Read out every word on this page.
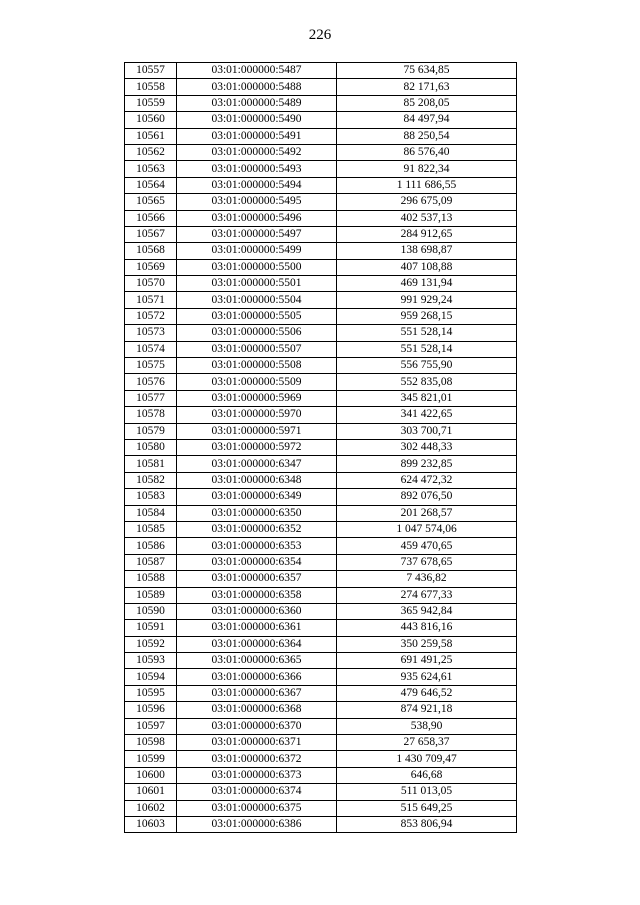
226
10557	03:01:000000:5487	75 634,85
10558	03:01:000000:5488	82 171,63
10559	03:01:000000:5489	85 208,05
10560	03:01:000000:5490	84 497,94
10561	03:01:000000:5491	88 250,54
10562	03:01:000000:5492	86 576,40
10563	03:01:000000:5493	91 822,34
10564	03:01:000000:5494	1 111 686,55
10565	03:01:000000:5495	296 675,09
10566	03:01:000000:5496	402 537,13
10567	03:01:000000:5497	284 912,65
10568	03:01:000000:5499	138 698,87
10569	03:01:000000:5500	407 108,88
10570	03:01:000000:5501	469 131,94
10571	03:01:000000:5504	991 929,24
10572	03:01:000000:5505	959 268,15
10573	03:01:000000:5506	551 528,14
10574	03:01:000000:5507	551 528,14
10575	03:01:000000:5508	556 755,90
10576	03:01:000000:5509	552 835,08
10577	03:01:000000:5969	345 821,01
10578	03:01:000000:5970	341 422,65
10579	03:01:000000:5971	303 700,71
10580	03:01:000000:5972	302 448,33
10581	03:01:000000:6347	899 232,85
10582	03:01:000000:6348	624 472,32
10583	03:01:000000:6349	892 076,50
10584	03:01:000000:6350	201 268,57
10585	03:01:000000:6352	1 047 574,06
10586	03:01:000000:6353	459 470,65
10587	03:01:000000:6354	737 678,65
10588	03:01:000000:6357	7 436,82
10589	03:01:000000:6358	274 677,33
10590	03:01:000000:6360	365 942,84
10591	03:01:000000:6361	443 816,16
10592	03:01:000000:6364	350 259,58
10593	03:01:000000:6365	691 491,25
10594	03:01:000000:6366	935 624,61
10595	03:01:000000:6367	479 646,52
10596	03:01:000000:6368	874 921,18
10597	03:01:000000:6370	538,90
10598	03:01:000000:6371	27 658,37
10599	03:01:000000:6372	1 430 709,47
10600	03:01:000000:6373	646,68
10601	03:01:000000:6374	511 013,05
10602	03:01:000000:6375	515 649,25
10603	03:01:000000:6386	853 806,94
